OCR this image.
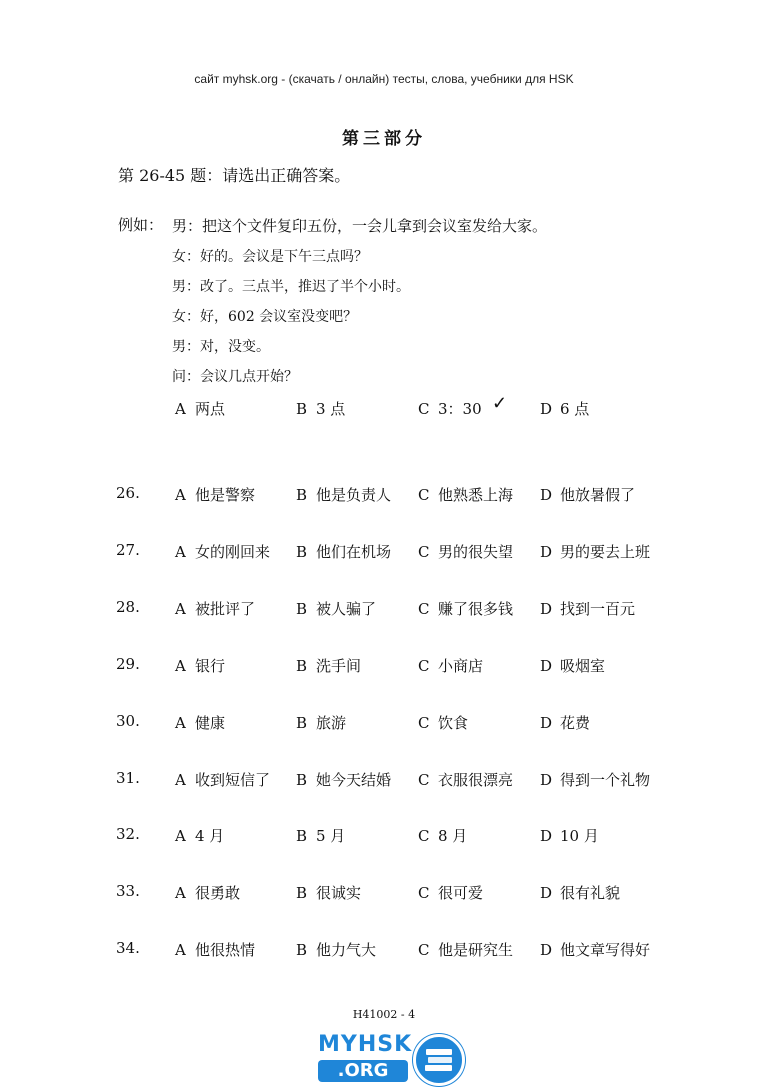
сайт myhsk.org - (скачать / онлайн) тесты, слова, учебники для HSK
第三部分
第 26-45 题：请选出正确答案。
例如： 男：把这个文件复印五份，一会儿拿到会议室发给大家。
女：好的。会议是下午三点吗？
男：改了。三点半，推迟了半个小时。
女：好，602 会议室没变吧？
男：对，没变。
问：会议几点开始？
A 两点	B 3 点	C 3：30 ✓ D 6 点
26. A 他是警察	B 他是负责人 C 他熟悉上海 D 他放暑假了
27. A 女的刚回来 B 他们在机场 C 男的很失望 D 男的要去上班
28. A 被批评了	B 被人骗了	C 赚了很多钱 D 找到一百元
29. A 银行	B 洗手间	C 小商店	D 吸烟室
30. A 健康	B 旅游	C 饮食	D 花费
31. A 收到短信了 B 她今天结婚 C 衣服很漂亮 D 得到一个礼物
32. A 4 月	B 5 月	C 8 月	D 10 月
33. A 很勇敢	B 很诚实	C 很可爱	D 很有礼貌
34. A 他很热情	B 他力气大	C 他是研究生 D 他文章写得好
H41002 - 4
MYHSK
.ORG
